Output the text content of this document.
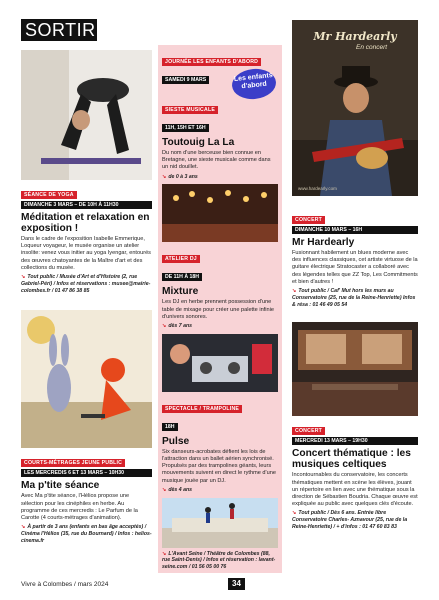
SORTIR
SÉANCE DE YOGA
DIMANCHE 3 MARS – DE 10H À 11H30
Méditation et relaxation en exposition !
Dans le cadre de l'exposition Isabelle Emmerique, Loqueur voyageur, le musée organise un atelier insolite: venez vous initier au yoga Iyengar, entourés des œuvres chatoyantes de la Maître d'art et des collections du musée.
↘ Tout public / Musée d'Art et d'Histoire (2, rue Gabriel-Péri) / Infos et réservations : musee@mairie-colombes.fr / 01 47 86 38 85
COURTS-MÉTRAGES JEUNE PUBLIC
LES MERCREDIS 6 ET 13 MARS – 10H30
Ma p'tite séance
Avec Ma p'tite séance, l'Hélios propose une sélection pour les cinéphiles en herbe. Au programme de ces mercredis : Le Parfum de la Carotte (4 courts-métrages d'animation).
↘ À partir de 3 ans (enfants en bas âge acceptés) / Cinéma l'Hélios (35, rue du Bournard) / Infos : helios-cinema.fr
JOURNÉE LES ENFANTS D'ABORD
SAMEDI 9 MARS	Les enfants d'abord
SIESTE MUSICALE
11H, 15H ET 16H
Toutouig La La
Du nom d'une berceuse bien connue en Bretagne, une sieste musicale comme dans un nid douillet.
↘ de 0 à 3 ans
ATELIER DJ
DE 11H À 18H
Mixture
Les DJ en herbe prennent possession d'une table de mixage pour créer une palette infinie d'univers sonores.
↘ dès 7 ans
SPECTACLE / TRAMPOLINE
18H
Pulse
Six danseurs-acrobates défient les lois de l'attraction dans un ballet aérien synchronisé. Propulsés par des trampolines géants, leurs mouvements suivent en direct le rythme d'une musique jouée par un DJ.
↘ dès 4 ans
↘ L'Avant Seine / Théâtre de Colombes (88, rue Saint-Denis) / Infos et réservation : lavant-seine.com / 01 56 05 00 76
Mr Hardearly
En concert
www.hardearly.com
CONCERT
DIMANCHE 10 MARS – 16H
Mr Hardearly
Fusionnant habilement un blues moderne avec des influences classiques, cet artiste virtuose de la guitare électrique Stratocaster a collaboré avec des légendes telles que ZZ Top, Les Commitments et bien d'autres !
↘ Tout public / Caf' Mut hors les murs au Conservatoire (25, rue de la Reine-Henriette) Infos & résa : 01 46 49 05 54
CONCERT
MERCREDI 13 MARS – 19H30
Concert thématique : les musiques celtiques
Incontournables du conservatoire, les concerts thématiques mettent en scène les élèves, jouant un répertoire en lien avec une thématique sous la direction de Sébastien Boudria. Chaque œuvre est expliquée au public avec quelques clés d'écoute.
↘ Tout public / Dès 6 ans. Entrée libre Conservatoire Charles- Aznavour (25, rue de la Reine-Henriette) / + d'infos : 01 47 60 83 83
Vivre à Colombes / mars 2024	34
